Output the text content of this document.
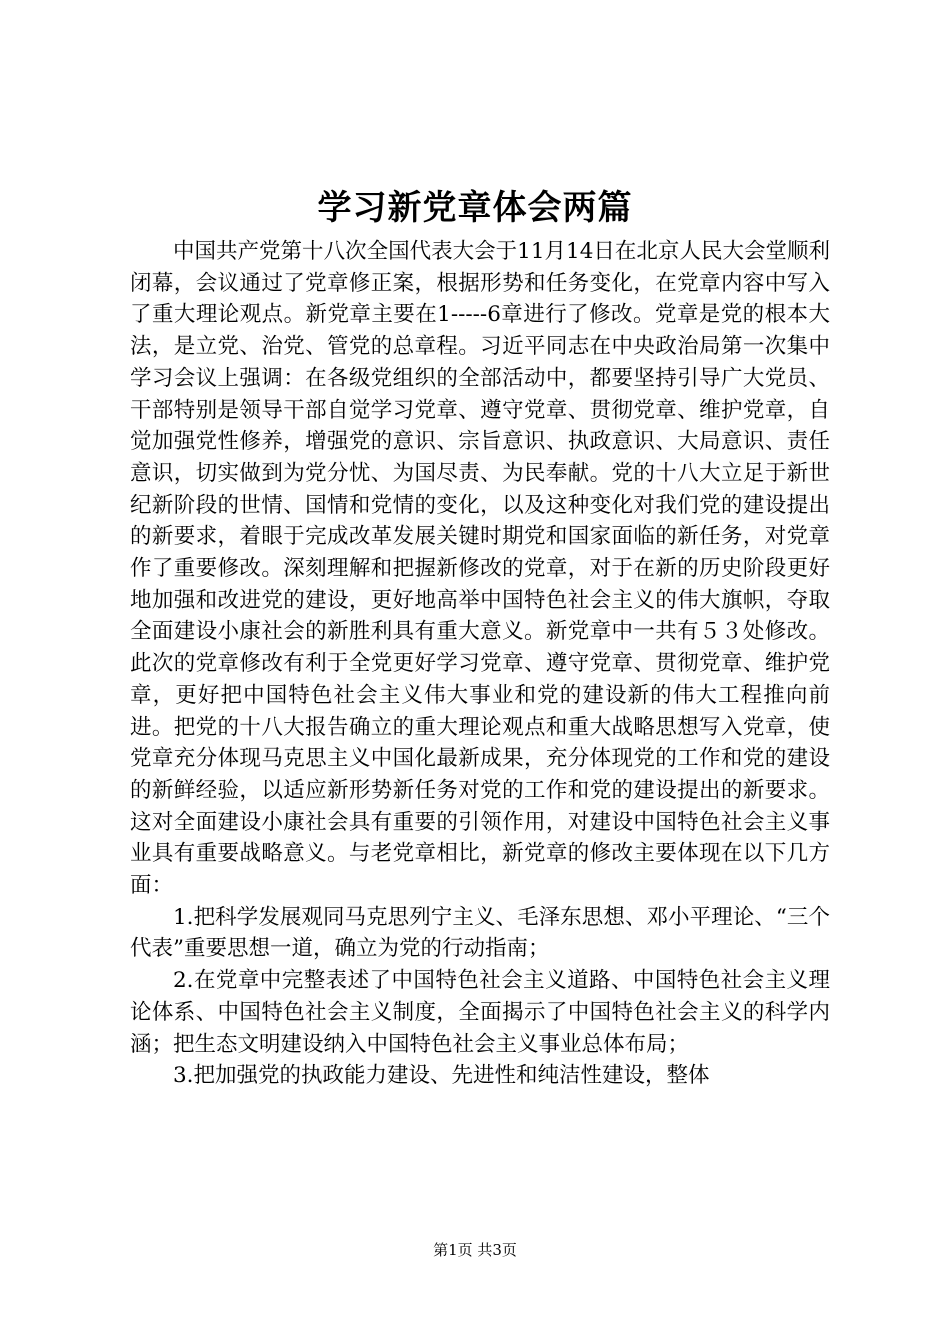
学习新党章体会两篇

中国共产党第十八次全国代表大会于11月14日在北京人民大会堂顺利闭幕，会议通过了党章修正案，根据形势和任务变化，在党章内容中写入了重大理论观点。新党章主要在1-----6章进行了修改。党章是党的根本大法，是立党、治党、管党的总章程。习近平同志在中央政治局第一次集中学习会议上强调：在各级党组织的全部活动中，都要坚持引导广大党员、干部特别是领导干部自觉学习党章、遵守党章、贯彻党章、维护党章，自觉加强党性修养，增强党的意识、宗旨意识、执政意识、大局意识、责任意识，切实做到为党分忧、为国尽责、为民奉献。党的十八大立足于新世纪新阶段的世情、国情和党情的变化，以及这种变化对我们党的建设提出的新要求，着眼于完成改革发展关键时期党和国家面临的新任务，对党章作了重要修改。深刻理解和把握新修改的党章，对于在新的历史阶段更好地加强和改进党的建设，更好地高举中国特色社会主义的伟大旗帜，夺取全面建设小康社会的新胜利具有重大意义。新党章中一共有５３处修改。此次的党章修改有利于全党更好学习党章、遵守党章、贯彻党章、维护党章，更好把中国特色社会主义伟大事业和党的建设新的伟大工程推向前进。把党的十八大报告确立的重大理论观点和重大战略思想写入党章，使党章充分体现马克思主义中国化最新成果，充分体现党的工作和党的建设的新鲜经验，以适应新形势新任务对党的工作和党的建设提出的新要求。这对全面建设小康社会具有重要的引领作用，对建设中国特色社会主义事业具有重要战略意义。与老党章相比，新党章的修改主要体现在以下几方面：

1.把科学发展观同马克思列宁主义、毛泽东思想、邓小平理论、“三个代表”重要思想一道，确立为党的行动指南；

2.在党章中完整表述了中国特色社会主义道路、中国特色社会主义理论体系、中国特色社会主义制度，全面揭示了中国特色社会主义的科学内涵；把生态文明建设纳入中国特色社会主义事业总体布局；

3.把加强党的执政能力建设、先进性和纯洁性建设，整体

第1页 共3页
